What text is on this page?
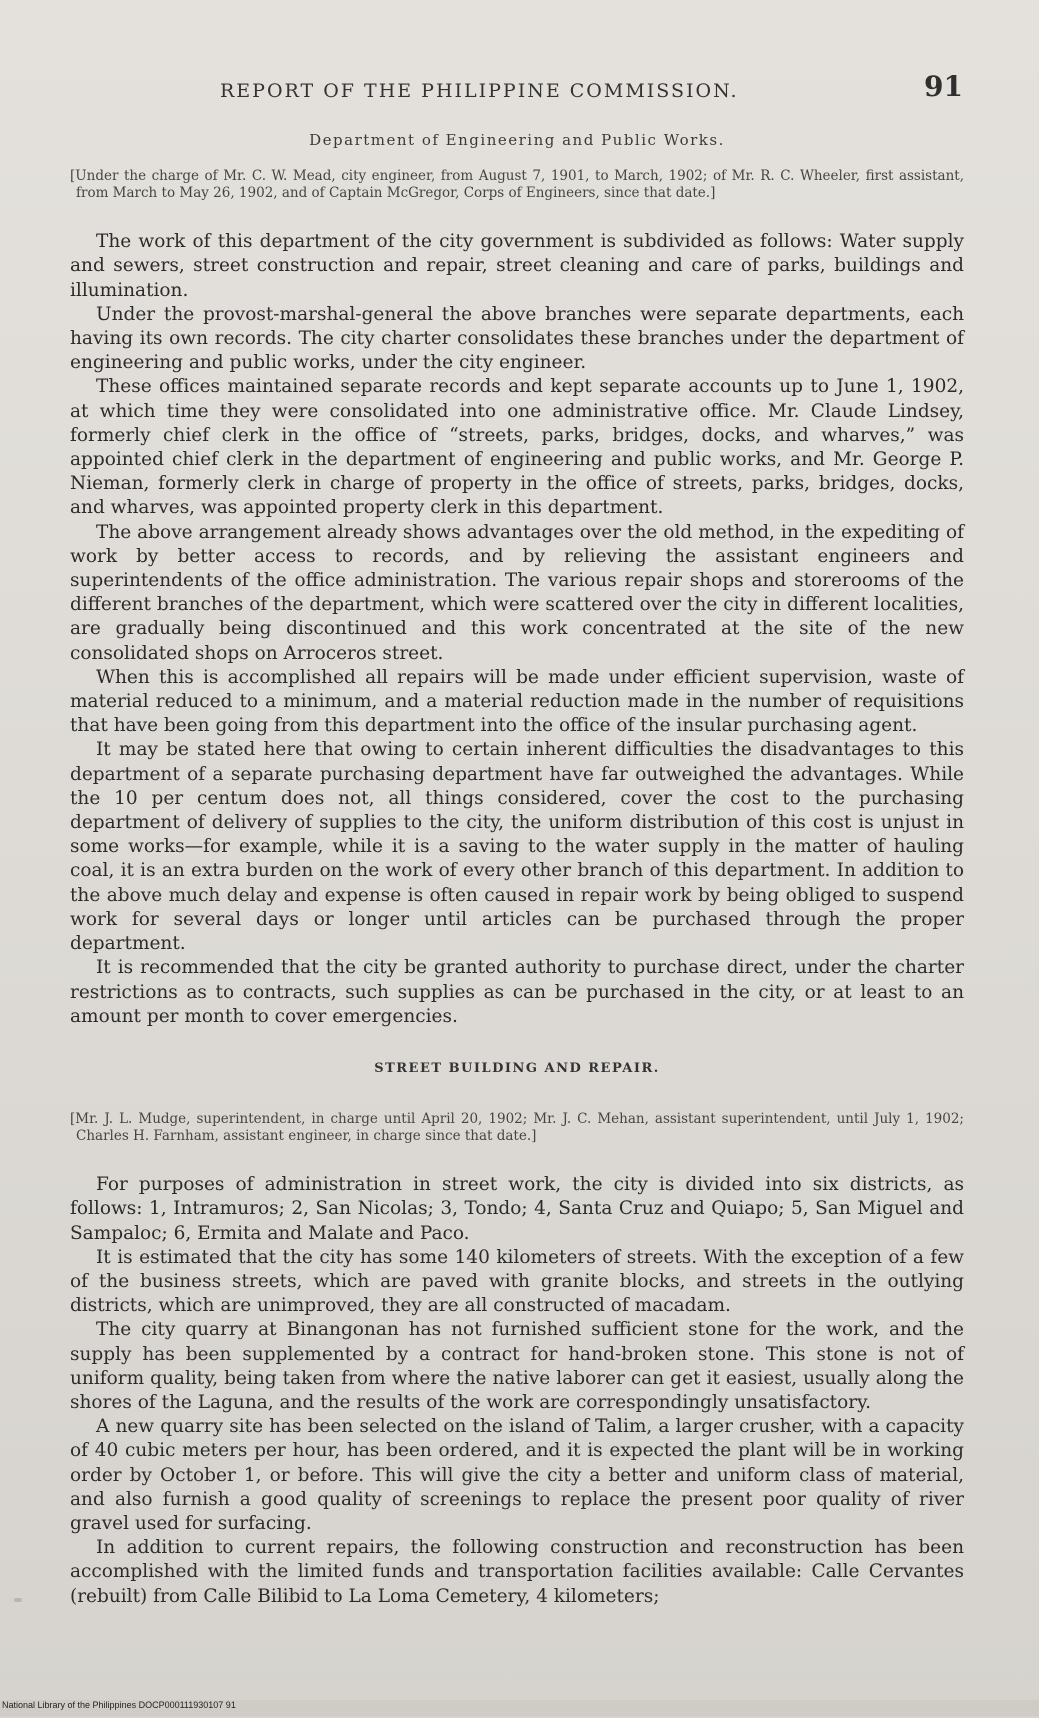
REPORT OF THE PHILIPPINE COMMISSION.	91
Department of Engineering and Public Works.

[Under the charge of Mr. C. W. Mead, city engineer, from August 7, 1901, to March, 1902; of Mr. R. C. Wheeler, first assistant, from March to May 26, 1902, and of Captain McGregor, Corps of Engineers, since that date.]

The work of this department of the city government is subdivided as follows: Water supply and sewers, street construction and repair, street cleaning and care of parks, buildings and illumination.

Under the provost-marshal-general the above branches were separate departments, each having its own records. The city charter consolidates these branches under the department of engineering and public works, under the city engineer.

These offices maintained separate records and kept separate accounts up to June 1, 1902, at which time they were consolidated into one administrative office. Mr. Claude Lindsey, formerly chief clerk in the office of “streets, parks, bridges, docks, and wharves,” was appointed chief clerk in the department of engineering and public works, and Mr. George P. Nieman, formerly clerk in charge of property in the office of streets, parks, bridges, docks, and wharves, was appointed property clerk in this department.

The above arrangement already shows advantages over the old method, in the expediting of work by better access to records, and by relieving the assistant engineers and superintendents of the office administration. The various repair shops and storerooms of the different branches of the department, which were scattered over the city in different localities, are gradually being discontinued and this work concentrated at the site of the new consolidated shops on Arroceros street.

When this is accomplished all repairs will be made under efficient supervision, waste of material reduced to a minimum, and a material reduction made in the number of requisitions that have been going from this department into the office of the insular purchasing agent.

It may be stated here that owing to certain inherent difficulties the disadvantages to this department of a separate purchasing department have far outweighed the advantages. While the 10 per centum does not, all things considered, cover the cost to the purchasing department of delivery of supplies to the city, the uniform distribution of this cost is unjust in some works—for example, while it is a saving to the water supply in the matter of hauling coal, it is an extra burden on the work of every other branch of this department. In addition to the above much delay and expense is often caused in repair work by being obliged to suspend work for several days or longer until articles can be purchased through the proper department.

It is recommended that the city be granted authority to purchase direct, under the charter restrictions as to contracts, such supplies as can be purchased in the city, or at least to an amount per month to cover emergencies.

STREET BUILDING AND REPAIR.

[Mr. J. L. Mudge, superintendent, in charge until April 20, 1902; Mr. J. C. Mehan, assistant superintendent, until July 1, 1902; Charles H. Farnham, assistant engineer, in charge since that date.]

For purposes of administration in street work, the city is divided into six districts, as follows: 1, Intramuros; 2, San Nicolas; 3, Tondo; 4, Santa Cruz and Quiapo; 5, San Miguel and Sampaloc; 6, Ermita and Malate and Paco.

It is estimated that the city has some 140 kilometers of streets. With the exception of a few of the business streets, which are paved with granite blocks, and streets in the outlying districts, which are unimproved, they are all constructed of macadam.

The city quarry at Binangonan has not furnished sufficient stone for the work, and the supply has been supplemented by a contract for hand-broken stone. This stone is not of uniform quality, being taken from where the native laborer can get it easiest, usually along the shores of the Laguna, and the results of the work are correspondingly unsatisfactory.

A new quarry site has been selected on the island of Talim, a larger crusher, with a capacity of 40 cubic meters per hour, has been ordered, and it is expected the plant will be in working order by October 1, or before. This will give the city a better and uniform class of material, and also furnish a good quality of screenings to replace the present poor quality of river gravel used for surfacing.

In addition to current repairs, the following construction and reconstruction has been accomplished with the limited funds and transportation facilities available: Calle Cervantes (rebuilt) from Calle Bilibid to La Loma Cemetery, 4 kilometers;

National Library of the Philippines DOCP000111930107 91
